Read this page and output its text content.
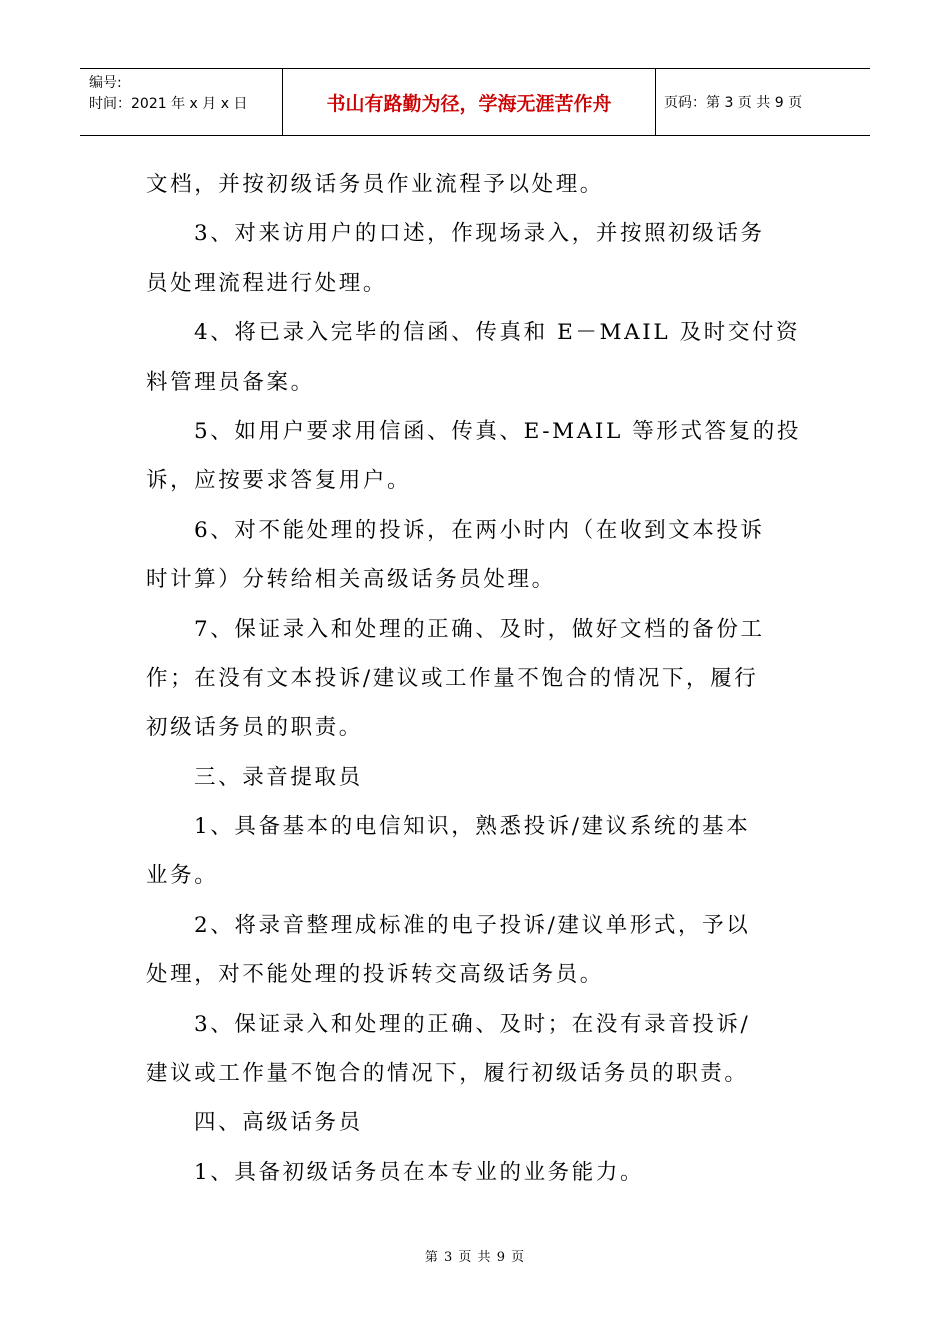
编号:
时间：2021 年 x 月 x 日	书山有路勤为径，学海无涯苦作舟	页码：第 3 页 共 9 页
文档，并按初级话务员作业流程予以处理。
3、对来访用户的口述，作现场录入，并按照初级话务
员处理流程进行处理。
4、将已录入完毕的信函、传真和 E－MAIL 及时交付资
料管理员备案。
5、如用户要求用信函、传真、E-MAIL 等形式答复的投
诉，应按要求答复用户。
6、对不能处理的投诉，在两小时内（在收到文本投诉
时计算）分转给相关高级话务员处理。
7、保证录入和处理的正确、及时，做好文档的备份工
作；在没有文本投诉/建议或工作量不饱合的情况下，履行
初级话务员的职责。
三、录音提取员
1、具备基本的电信知识，熟悉投诉/建议系统的基本
业务。
2、将录音整理成标准的电子投诉/建议单形式，予以
处理，对不能处理的投诉转交高级话务员。
3、保证录入和处理的正确、及时；在没有录音投诉/
建议或工作量不饱合的情况下，履行初级话务员的职责。
四、高级话务员
1、具备初级话务员在本专业的业务能力。
第 3 页 共 9 页
